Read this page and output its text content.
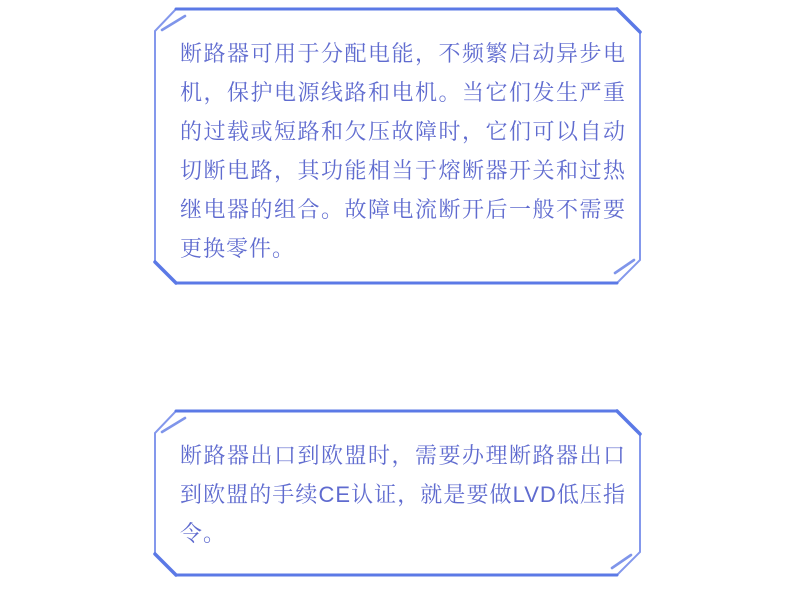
断路器可用于分配电能，不频繁启动异步电机，保护电源线路和电机。当它们发生严重的过载或短路和欠压故障时，它们可以自动切断电路，其功能相当于熔断器开关和过热继电器的组合。故障电流断开后一般不需要更换零件。

断路器出口到欧盟时，需要办理断路器出口到欧盟的手续CE认证，就是要做LVD低压指令。
